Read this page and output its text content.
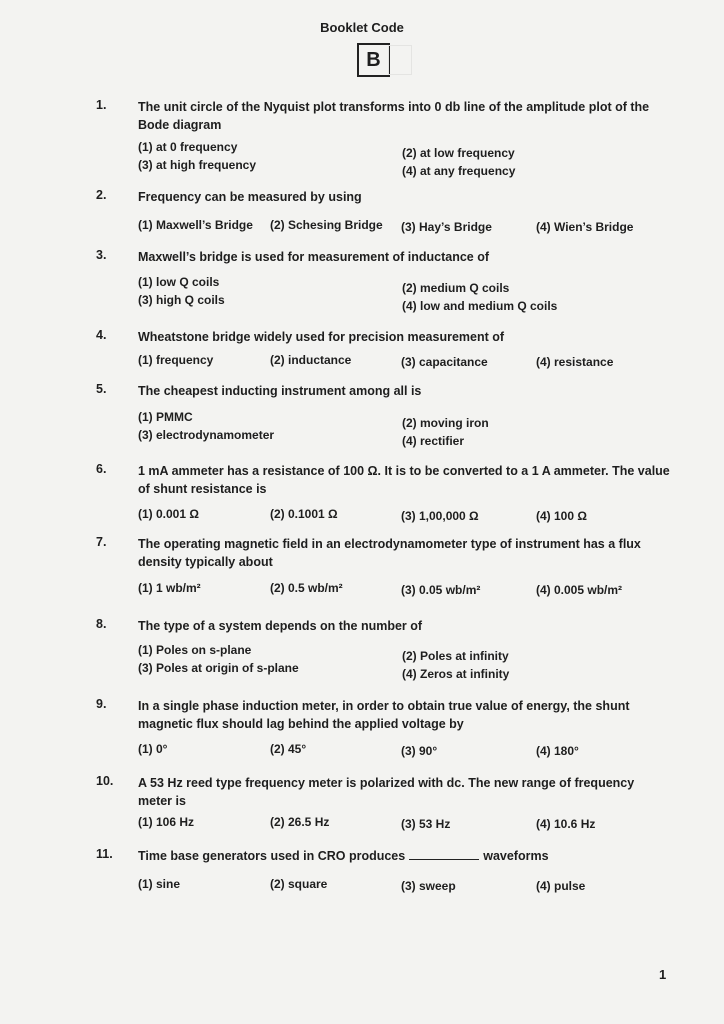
Booklet Code
B
1.	The unit circle of the Nyquist plot transforms into 0 db line of the amplitude plot of the Bode diagram
(1) at 0 frequency	(2) at low frequency
(3) at high frequency	(4) at any frequency
2.	Frequency can be measured by using
(1) Maxwell’s Bridge (2) Schesing Bridge (3) Hay’s Bridge	(4) Wien’s Bridge
3.	Maxwell’s bridge is used for measurement of inductance of
(1) low Q coils	(2) medium Q coils
(3) high Q coils	(4) low and medium Q coils
4.	Wheatstone bridge widely used for precision measurement of
(1) frequency	(2) inductance	(3) capacitance	(4) resistance
5.	The cheapest inducting instrument among all is
(1) PMMC	(2) moving iron
(3) electrodynamometer	(4) rectifier
6.	1 mA ammeter has a resistance of 100 Ω. It is to be converted to a 1 A ammeter. The value of shunt resistance is
(1) 0.001 Ω	(2) 0.1001 Ω	(3) 1,00,000 Ω	(4) 100 Ω
7.	The operating magnetic field in an electrodynamometer type of instrument has a flux density typically about
(1) 1 wb/m²	(2) 0.5 wb/m²	(3) 0.05 wb/m²	(4) 0.005 wb/m²
8.	The type of a system depends on the number of
(1) Poles on s-plane	(2) Poles at infinity
(3) Poles at origin of s-plane	(4) Zeros at infinity
9.	In a single phase induction meter, in order to obtain true value of energy, the shunt magnetic flux should lag behind the applied voltage by
(1) 0°	(2) 45°	(3) 90°	(4) 180°
10. A 53 Hz reed type frequency meter is polarized with dc. The new range of frequency meter is
(1) 106 Hz	(2) 26.5 Hz	(3) 53 Hz	(4) 10.6 Hz
11. Time base generators used in CRO produces	waveforms
(1) sine	(2) square	(3) sweep	(4) pulse
1
